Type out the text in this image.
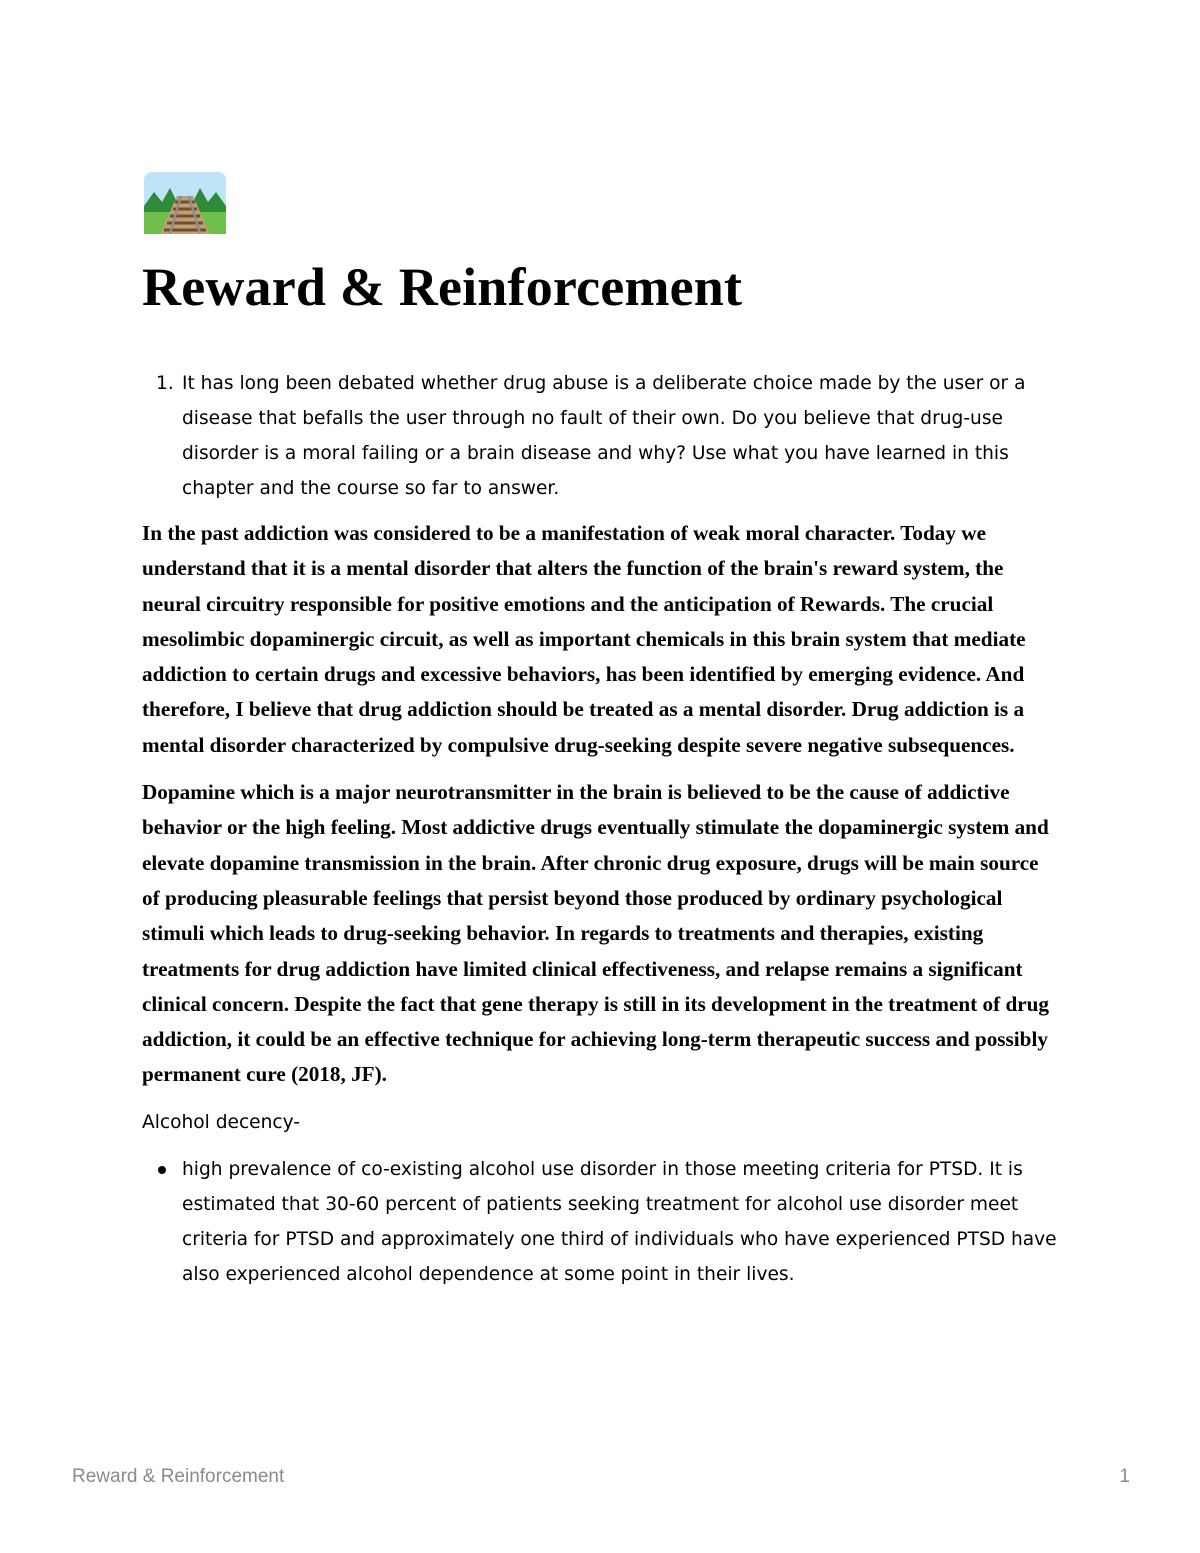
Reward & Reinforcement
1. It has long been debated whether drug abuse is a deliberate choice made by the user or a disease that befalls the user through no fault of their own. Do you believe that drug-use disorder is a moral failing or a brain disease and why? Use what you have learned in this chapter and the course so far to answer.

In the past addiction was considered to be a manifestation of weak moral character. Today we understand that it is a mental disorder that alters the function of the brain's reward system, the neural circuitry responsible for positive emotions and the anticipation of Rewards. The crucial mesolimbic dopaminergic circuit, as well as important chemicals in this brain system that mediate addiction to certain drugs and excessive behaviors, has been identified by emerging evidence. And therefore, I believe that drug addiction should be treated as a mental disorder. Drug addiction is a mental disorder characterized by compulsive drug-seeking despite severe negative subsequences.

Dopamine which is a major neurotransmitter in the brain is believed to be the cause of addictive behavior or the high feeling. Most addictive drugs eventually stimulate the dopaminergic system and elevate dopamine transmission in the brain. After chronic drug exposure, drugs will be main source of producing pleasurable feelings that persist beyond those produced by ordinary psychological stimuli which leads to drug-seeking behavior. In regards to treatments and therapies, existing treatments for drug addiction have limited clinical effectiveness, and relapse remains a significant clinical concern. Despite the fact that gene therapy is still in its development in the treatment of drug addiction, it could be an effective technique for achieving long-term therapeutic success and possibly permanent cure (2018, JF).

Alcohol decency-

high prevalence of co-existing alcohol use disorder in those meeting criteria for PTSD. It is estimated that 30-60 percent of patients seeking treatment for alcohol use disorder meet criteria for PTSD and approximately one third of individuals who have experienced PTSD have also experienced alcohol dependence at some point in their lives.
Reward & Reinforcement	1
